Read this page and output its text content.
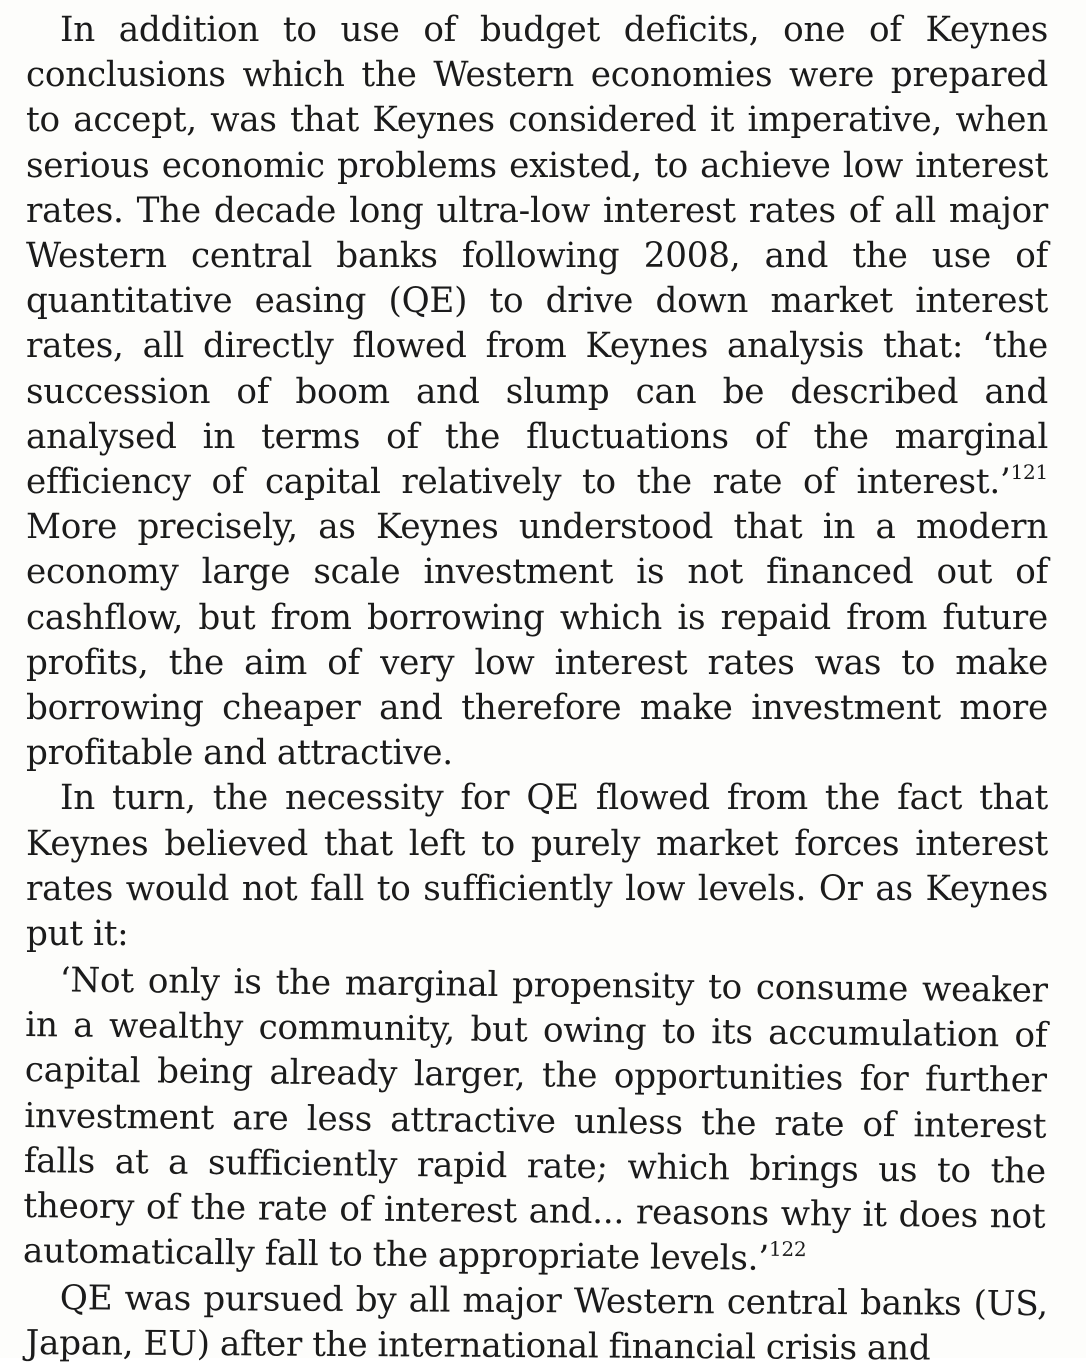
In addition to use of budget deficits, one of Keynes conclusions which the Western economies were prepared to accept, was that Keynes considered it imperative, when serious economic problems existed, to achieve low interest rates. The decade long ultra-low interest rates of all major Western central banks following 2008, and the use of quantitative easing (QE) to drive down market interest rates, all directly flowed from Keynes analysis that: ‘the succession of boom and slump can be described and analysed in terms of the fluctuations of the marginal efficiency of capital relatively to the rate of interest.’$^{121}$ More precisely, as Keynes understood that in a modern economy large scale investment is not financed out of cashflow, but from borrowing which is repaid from future profits, the aim of very low interest rates was to make borrowing cheaper and therefore make investment more profitable and attractive.

In turn, the necessity for QE flowed from the fact that Keynes believed that left to purely market forces interest rates would not fall to sufficiently low levels. Or as Keynes put it:

‘Not only is the marginal propensity to consume weaker in a wealthy community, but owing to its accumulation of capital being already larger, the opportunities for further investment are less attractive unless the rate of interest falls at a sufficiently rapid rate; which brings us to the theory of the rate of interest and... reasons why it does not automatically fall to the appropriate levels.’$^{122}$

QE was pursued by all major Western central banks (US, Japan, EU) after the international financial crisis and
